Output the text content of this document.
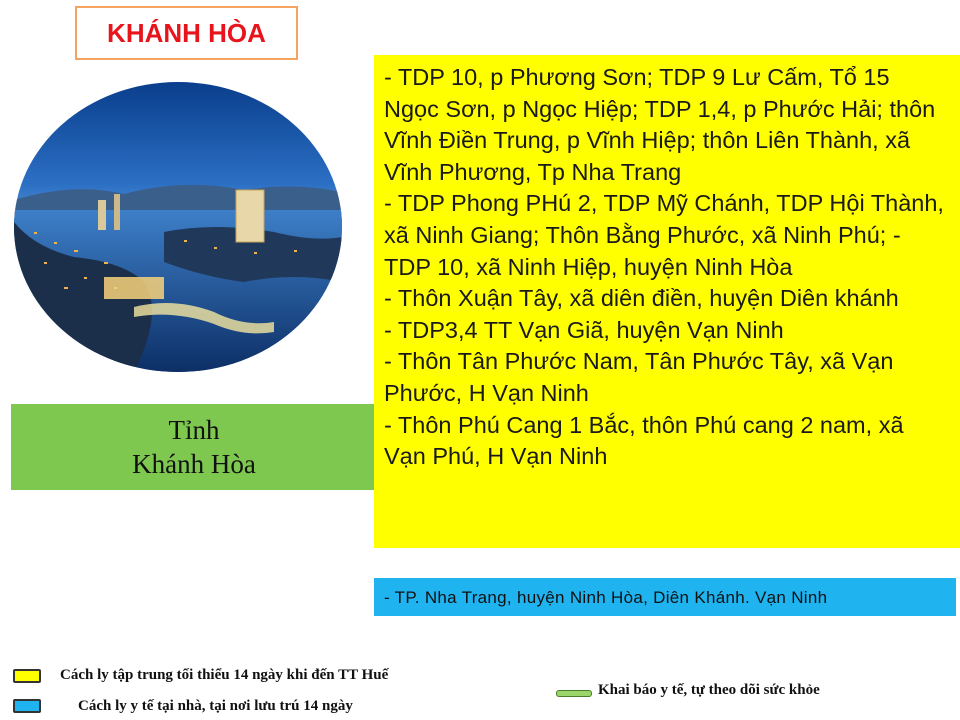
KHÁNH HÒA
Tỉnh
Khánh Hòa
- TDP 10, p Phương Sơn; TDP 9 Lư Cấm, Tổ 15 Ngọc Sơn, p Ngọc Hiệp; TDP 1,4, p Phước Hải; thôn Vĩnh Điền Trung, p Vĩnh Hiệp; thôn Liên Thành, xã Vĩnh Phương, Tp Nha Trang
- TDP Phong PHú 2, TDP Mỹ Chánh, TDP Hội Thành, xã Ninh Giang; Thôn Bằng Phước, xã Ninh Phú; - TDP 10, xã Ninh Hiệp, huyện Ninh Hòa
- Thôn Xuận Tây, xã diên điền, huyện Diên khánh
- TDP3,4 TT Vạn Giã, huyện Vạn Ninh
- Thôn Tân Phước Nam, Tân Phước Tây, xã Vạn Phước, H Vạn Ninh
- Thôn Phú Cang 1 Bắc, thôn Phú cang 2 nam, xã Vạn Phú, H Vạn Ninh
- TP. Nha Trang, huyện Ninh Hòa, Diên Khánh. Vạn Ninh
Cách ly tập trung tối thiểu 14 ngày khi đến TT Huế
Cách ly y tế tại nhà, tại nơi lưu trú 14 ngày
Khai báo y tế, tự theo dõi sức khỏe
